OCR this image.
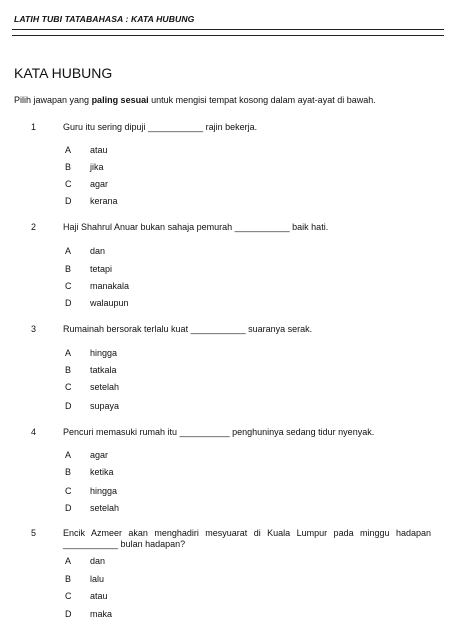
LATIH TUBI TATABAHASA : KATA HUBUNG
KATA HUBUNG
Pilih jawapan yang paling sesuai untuk mengisi tempat kosong dalam ayat-ayat di bawah.
1	Guru itu sering dipuji ___________ rajin bekerja.
A atau
B jika
C agar
D kerana
2	Haji Shahrul Anuar bukan sahaja pemurah ___________ baik hati.
A dan
B tetapi
C manakala
D walaupun
3	Rumainah bersorak terlalu kuat ___________ suaranya serak.
A hingga
B tatkala
C setelah
D supaya
4	Pencuri memasuki rumah itu __________ penghuninya sedang tidur nyenyak.
A agar
B ketika
C hingga
D setelah
5	Encik Azmeer akan menghadiri mesyuarat di Kuala Lumpur pada minggu hadapan ___________ bulan hadapan?
A dan
B lalu
C atau
D maka
